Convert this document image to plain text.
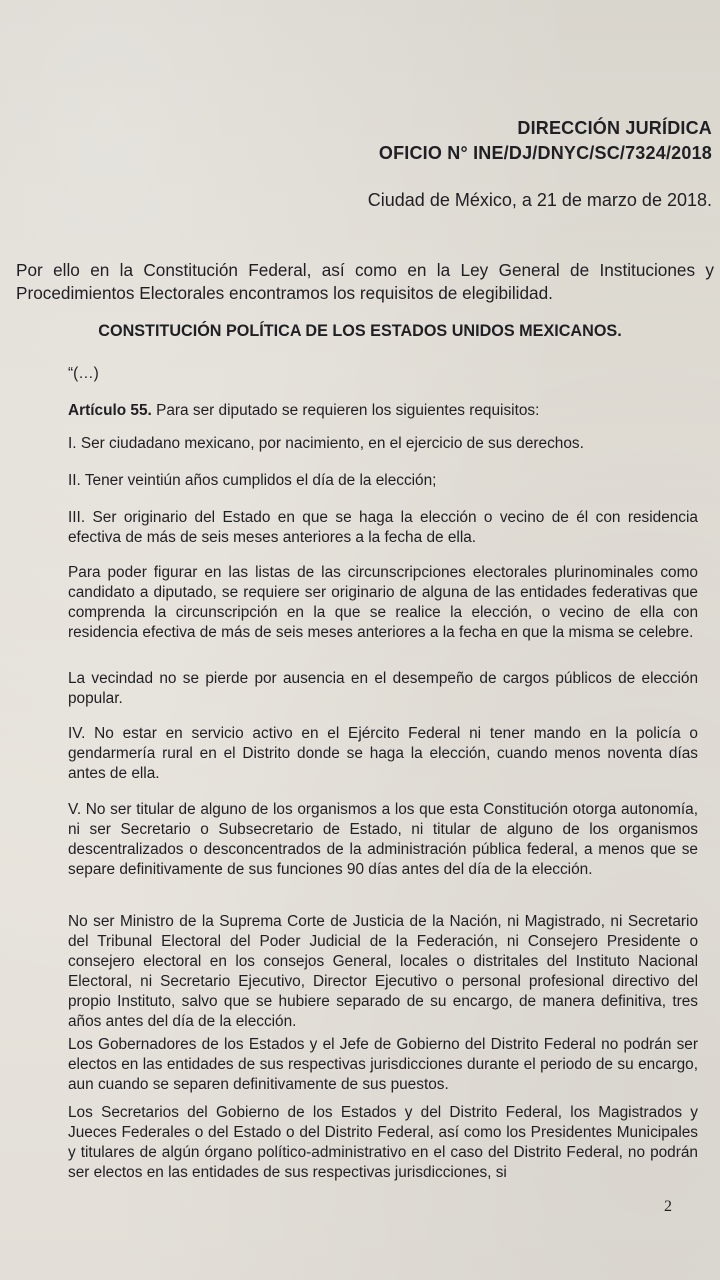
DIRECCIÓN JURÍDICA
OFICIO N° INE/DJ/DNYC/SC/7324/2018
Ciudad de México, a 21 de marzo de 2018.
Por ello en la Constitución Federal, así como en la Ley General de Instituciones y Procedimientos Electorales encontramos los requisitos de elegibilidad.
CONSTITUCIÓN POLÍTICA DE LOS ESTADOS UNIDOS MEXICANOS.
“(…)
Artículo 55. Para ser diputado se requieren los siguientes requisitos:
I. Ser ciudadano mexicano, por nacimiento, en el ejercicio de sus derechos.
II. Tener veintiún años cumplidos el día de la elección;
III. Ser originario del Estado en que se haga la elección o vecino de él con residencia efectiva de más de seis meses anteriores a la fecha de ella.
Para poder figurar en las listas de las circunscripciones electorales plurinominales como candidato a diputado, se requiere ser originario de alguna de las entidades federativas que comprenda la circunscripción en la que se realice la elección, o vecino de ella con residencia efectiva de más de seis meses anteriores a la fecha en que la misma se celebre.
La vecindad no se pierde por ausencia en el desempeño de cargos públicos de elección popular.
IV. No estar en servicio activo en el Ejército Federal ni tener mando en la policía o gendarmería rural en el Distrito donde se haga la elección, cuando menos noventa días antes de ella.
V. No ser titular de alguno de los organismos a los que esta Constitución otorga autonomía, ni ser Secretario o Subsecretario de Estado, ni titular de alguno de los organismos descentralizados o desconcentrados de la administración pública federal, a menos que se separe definitivamente de sus funciones 90 días antes del día de la elección.
No ser Ministro de la Suprema Corte de Justicia de la Nación, ni Magistrado, ni Secretario del Tribunal Electoral del Poder Judicial de la Federación, ni Consejero Presidente o consejero electoral en los consejos General, locales o distritales del Instituto Nacional Electoral, ni Secretario Ejecutivo, Director Ejecutivo o personal profesional directivo del propio Instituto, salvo que se hubiere separado de su encargo, de manera definitiva, tres años antes del día de la elección.
Los Gobernadores de los Estados y el Jefe de Gobierno del Distrito Federal no podrán ser electos en las entidades de sus respectivas jurisdicciones durante el periodo de su encargo, aun cuando se separen definitivamente de sus puestos.
Los Secretarios del Gobierno de los Estados y del Distrito Federal, los Magistrados y Jueces Federales o del Estado o del Distrito Federal, así como los Presidentes Municipales y titulares de algún órgano político-administrativo en el caso del Distrito Federal, no podrán ser electos en las entidades de sus respectivas jurisdicciones, si
2
